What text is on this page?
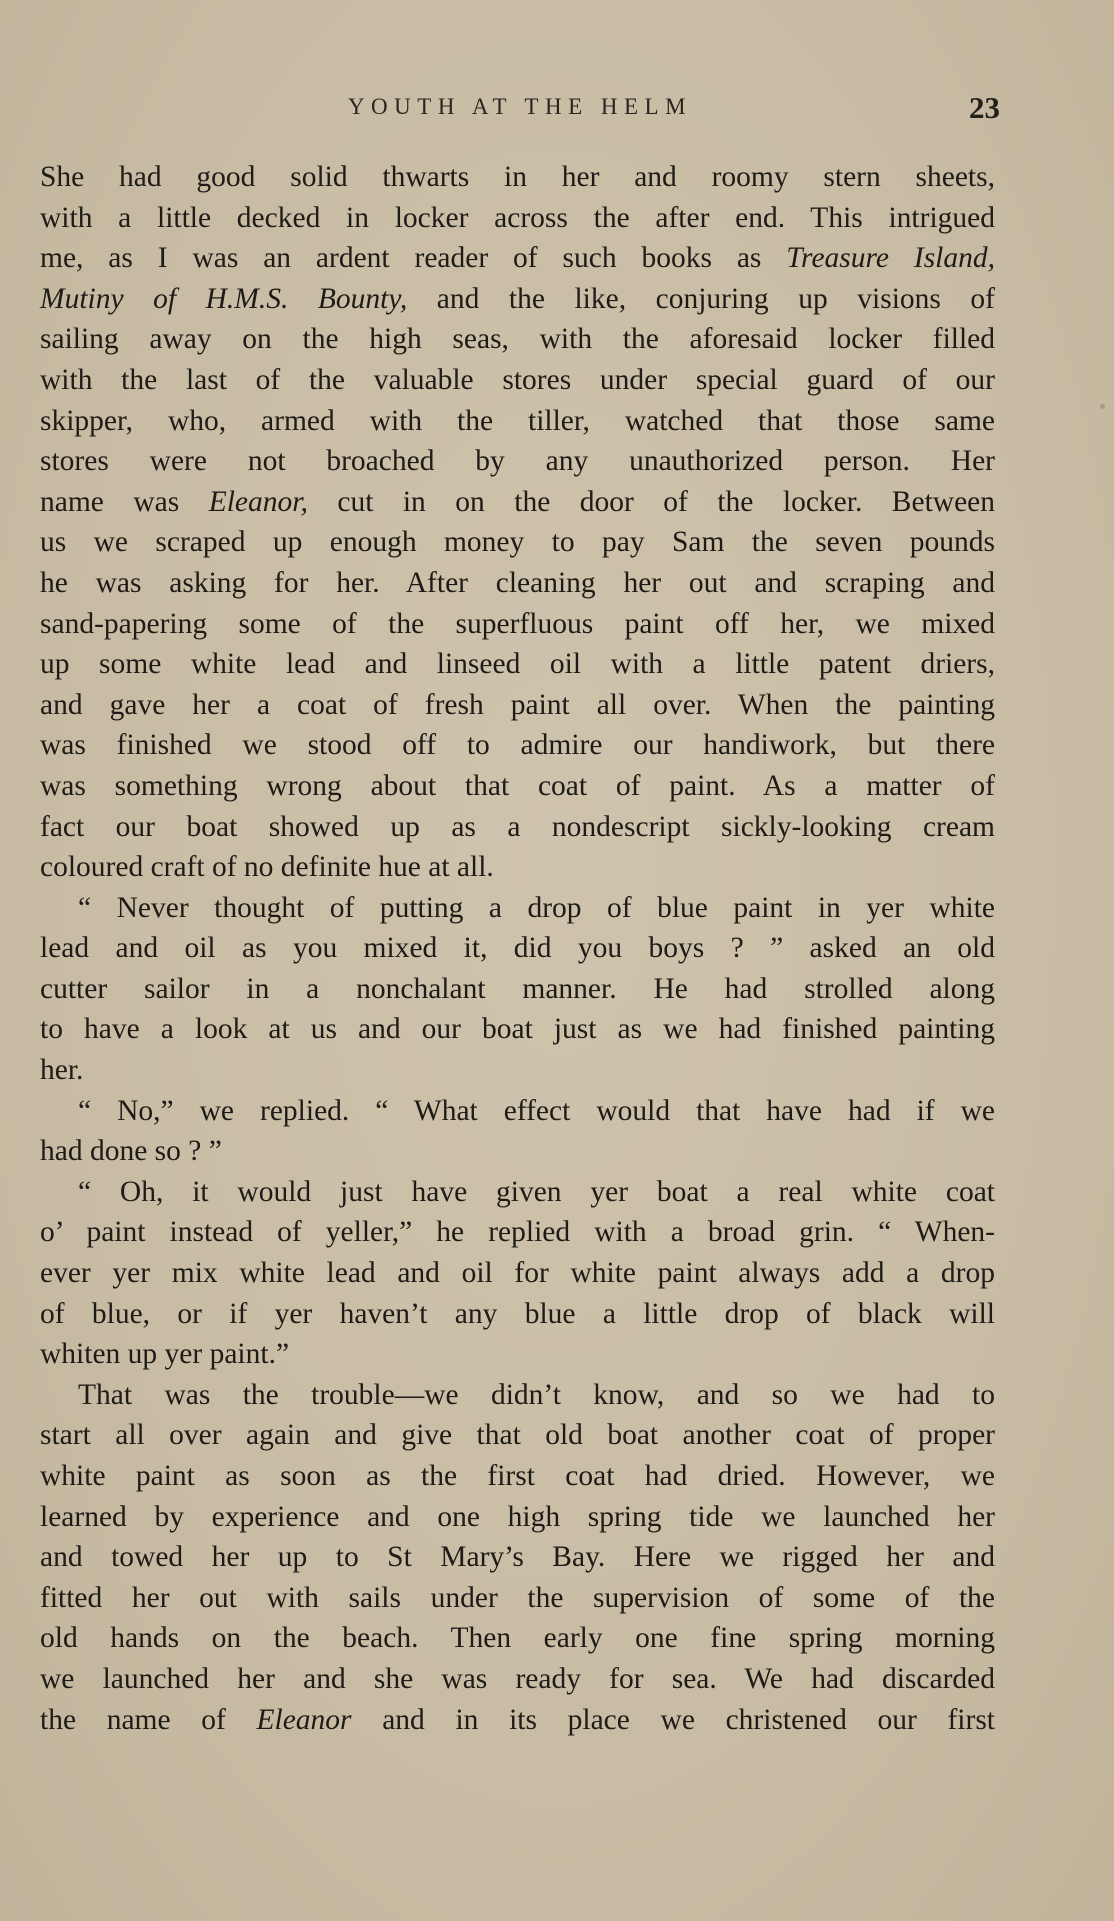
YOUTH AT THE HELM	23
She had good solid thwarts in her and roomy stern sheets,
with a little decked in locker across the after end. This intrigued
me, as I was an ardent reader of such books as Treasure Island,
Mutiny of H.M.S. Bounty, and the like, conjuring up visions of
sailing away on the high seas, with the aforesaid locker filled
with the last of the valuable stores under special guard of our
skipper, who, armed with the tiller, watched that those same
stores were not broached by any unauthorized person. Her
name was Eleanor, cut in on the door of the locker. Between
us we scraped up enough money to pay Sam the seven pounds
he was asking for her. After cleaning her out and scraping and
sand-papering some of the superfluous paint off her, we mixed
up some white lead and linseed oil with a little patent driers,
and gave her a coat of fresh paint all over. When the painting
was finished we stood off to admire our handiwork, but there
was something wrong about that coat of paint. As a matter of
fact our boat showed up as a nondescript sickly-looking cream
coloured craft of no definite hue at all.
“ Never thought of putting a drop of blue paint in yer white
lead and oil as you mixed it, did you boys ? ” asked an old
cutter sailor in a nonchalant manner. He had strolled along
to have a look at us and our boat just as we had finished painting
her.
“ No,” we replied. “ What effect would that have had if we
had done so ? ”
“ Oh, it would just have given yer boat a real white coat
o’ paint instead of yeller,” he replied with a broad grin. “ When-
ever yer mix white lead and oil for white paint always add a drop
of blue, or if yer haven’t any blue a little drop of black will
whiten up yer paint.”
That was the trouble—we didn’t know, and so we had to
start all over again and give that old boat another coat of proper
white paint as soon as the first coat had dried. However, we
learned by experience and one high spring tide we launched her
and towed her up to St Mary’s Bay. Here we rigged her and
fitted her out with sails under the supervision of some of the
old hands on the beach. Then early one fine spring morning
we launched her and she was ready for sea. We had discarded
the name of Eleanor and in its place we christened our first
